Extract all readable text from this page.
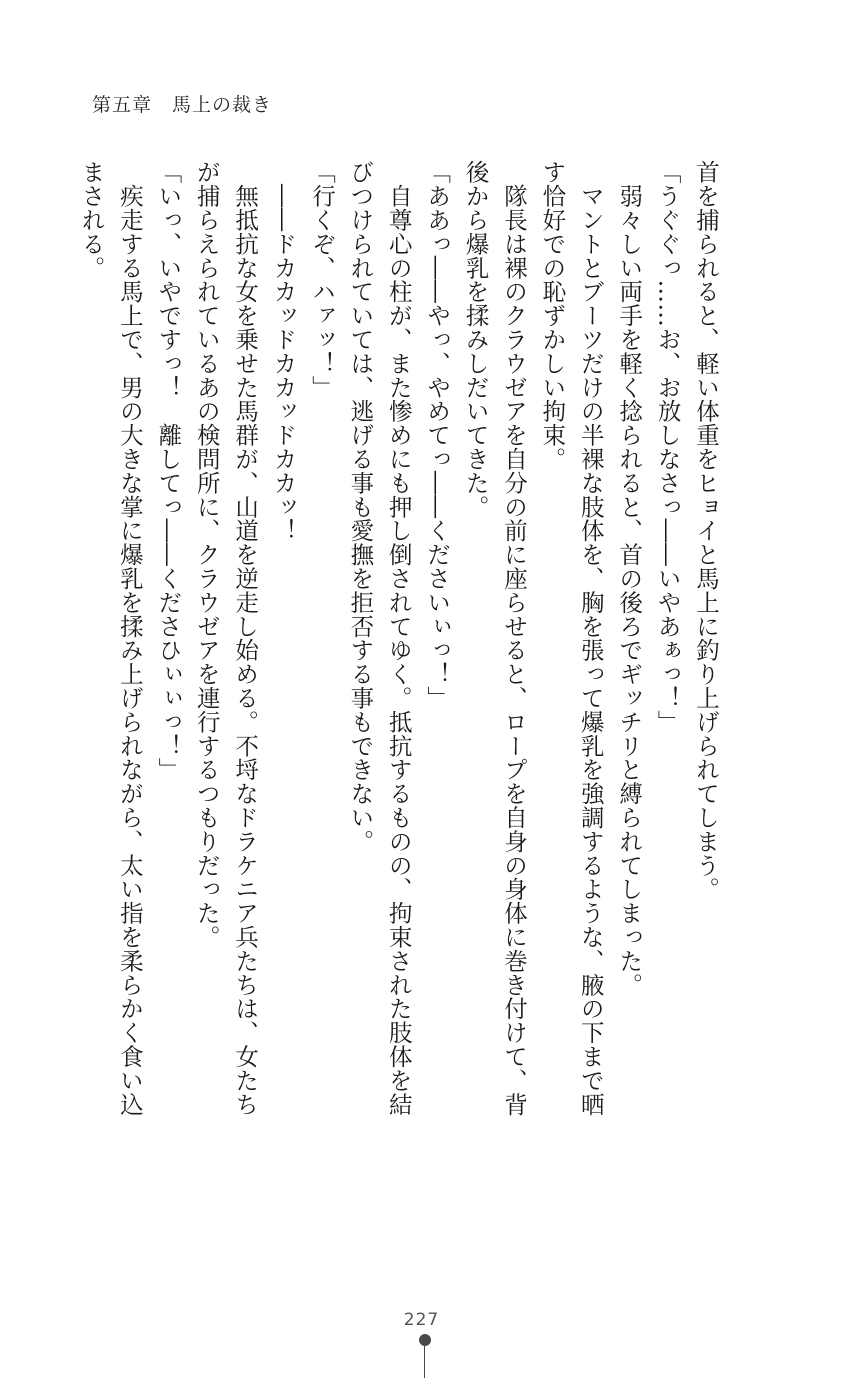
第五章　馬上の裁き

首を捕られると、軽い体重をヒョイと馬上に釣り上げられてしまう。

「うぐぐっ……お、お放しなさっ――いやあぁっ！」

　弱々しい両手を軽く捻られると、首の後ろでギッチリと縛られてしまった。

　マントとブーツだけの半裸な肢体を、胸を張って爆乳を強調するような、腋の下まで晒す恰好での恥ずかしい拘束。

　隊長は裸のクラウゼアを自分の前に座らせると、ロープを自身の身体に巻き付けて、背後から爆乳を揉みしだいてきた。

「ああっ――やっ、やめてっ――くださいぃっ！」

　自尊心の柱が、また惨めにも押し倒されてゆく。抵抗するものの、拘束された肢体を結びつけられていては、逃げる事も愛撫を拒否する事もできない。

「行くぞ、ハァッ！」

　――ドカカッドカカッドカカッ！

　無抵抗な女を乗せた馬群が、山道を逆走し始める。不埒なドラケニア兵たちは、女たちが捕らえられているあの検問所に、クラウゼアを連行するつもりだった。

「いっ、いやですっ！　離してっ――くださひぃぃっ！」

　疾走する馬上で、男の大きな掌に爆乳を揉み上げられながら、太い指を柔らかく食い込まされる。

227
